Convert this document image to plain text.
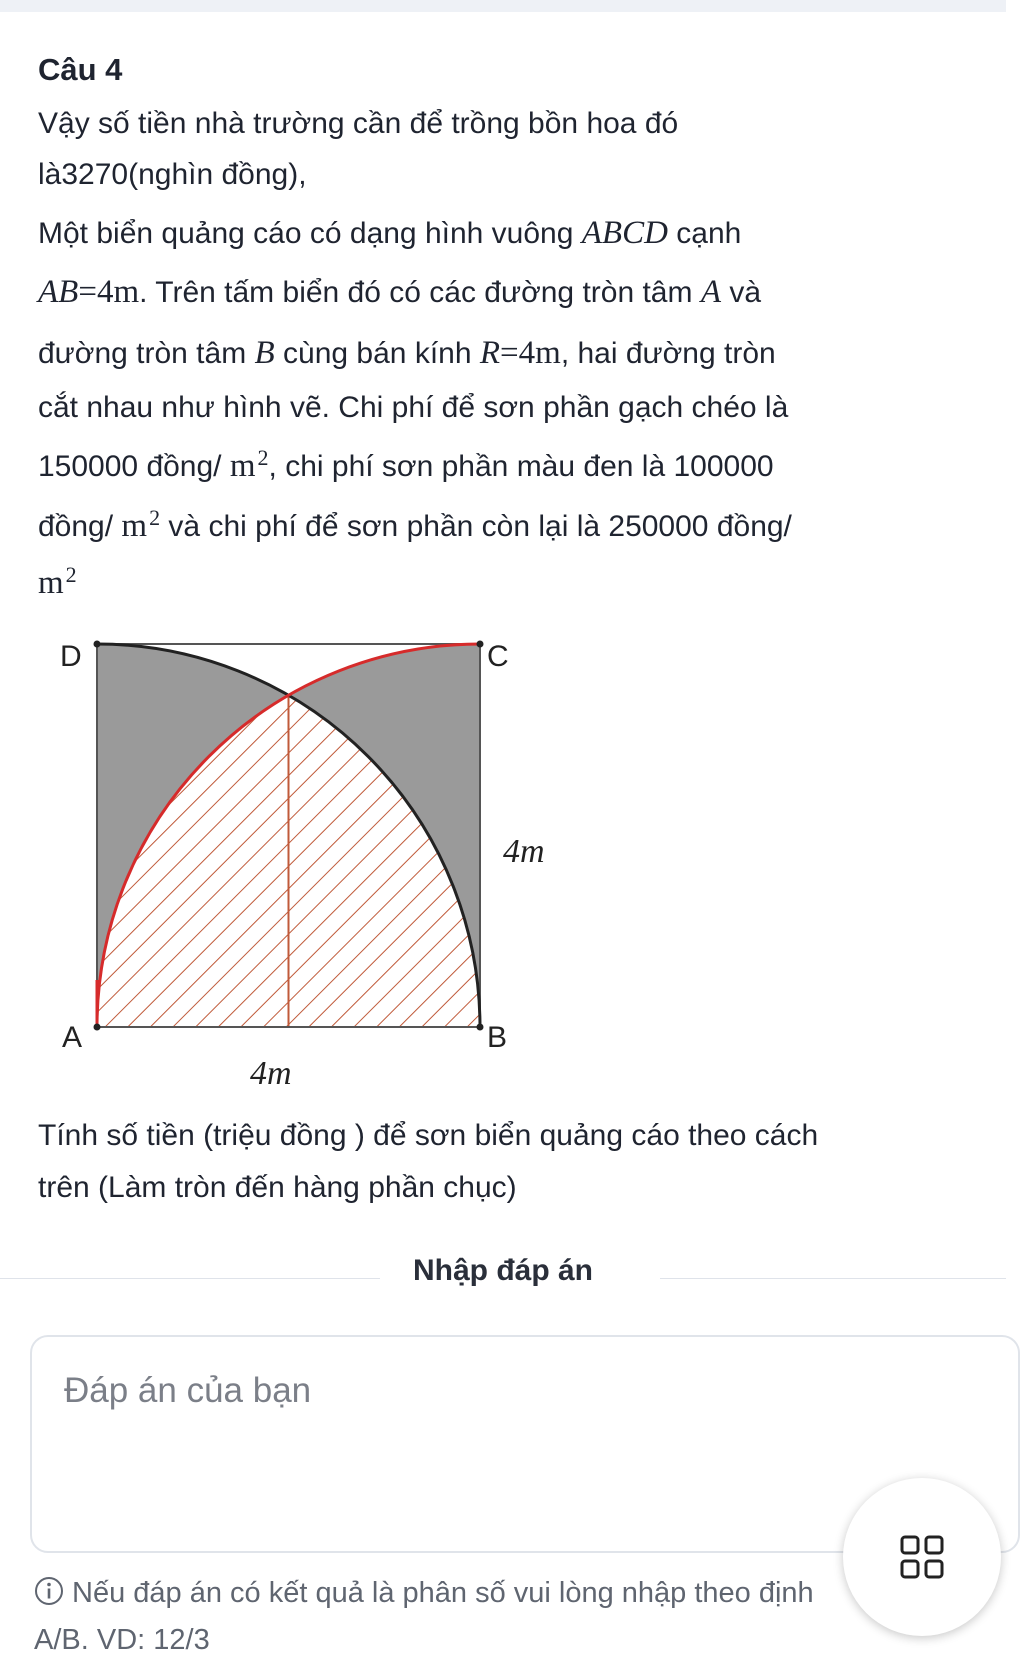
Câu 4
Vậy số tiền nhà trường cần để trồng bồn hoa đó
là3270(nghìn đồng),
Một biển quảng cáo có dạng hình vuông ABCD cạnh
AB=4m. Trên tấm biển đó có các đường tròn tâm A và
đường tròn tâm B cùng bán kính R=4m, hai đường tròn
cắt nhau như hình vẽ. Chi phí để sơn phần gạch chéo là
150000 đồng/ $m^2$, chi phí sơn phần màu đen là 100000
đồng/ $m^2$ và chi phí để sơn phần còn lại là 250000 đồng/
$m^2$
D	C
A	B
4m
4m
Tính số tiền (triệu đồng ) để sơn biển quảng cáo theo cách
trên (Làm tròn đến hàng phần chục)
Nhập đáp án
Đáp án của bạn
Nếu đáp án có kết quả là phân số vui lòng nhập theo định
A/B. VD: 12/3
